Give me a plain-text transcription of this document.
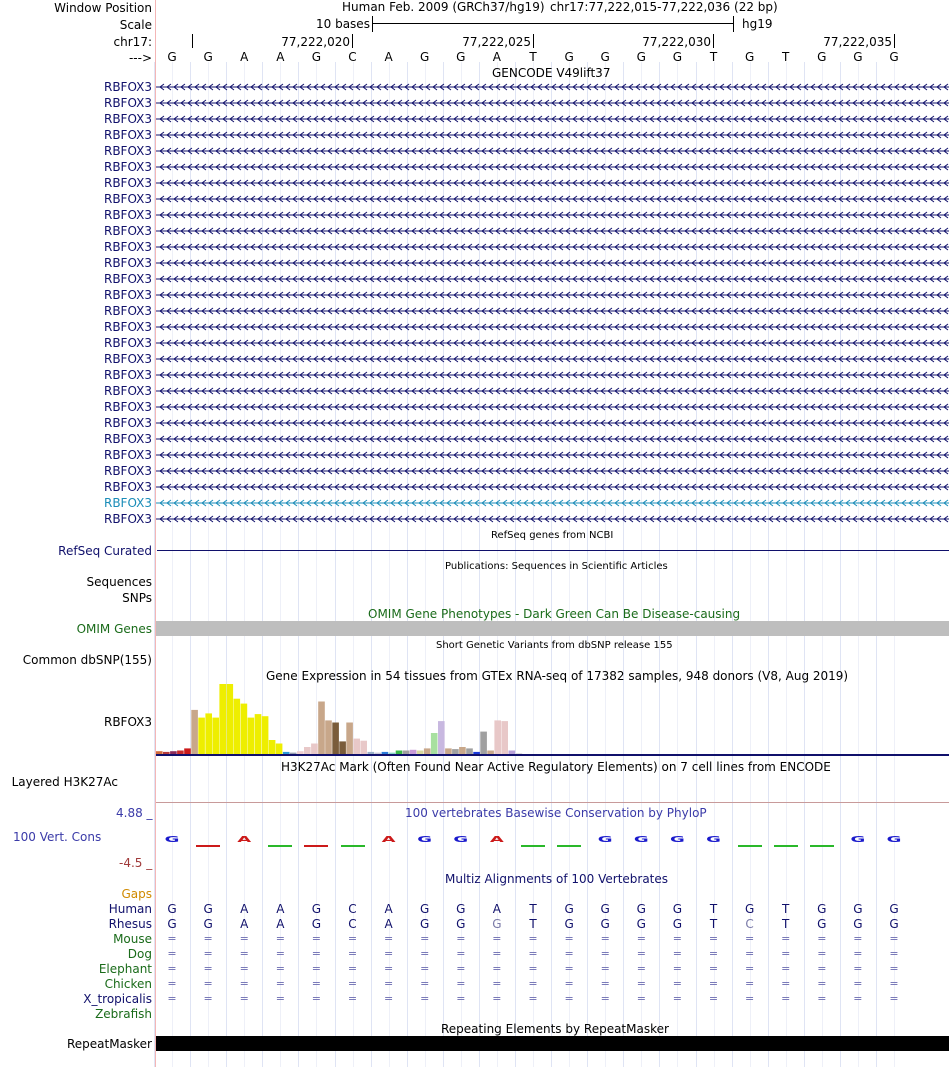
Window Position	Human Feb. 2009 (GRCh37/hg19) chr17:77,222,015-77,222,036 (22 bp)
Scale	10 bases	hg19
chr17:	77,222,020	77,222,025	77,222,030	77,222,035
--->	G	G	A	A	G	C	A	G	G	A	T	G	G	G	G	T	G	T	G	G	G
GENCODE V49lift37
RBFOX3
RBFOX3
RBFOX3
RBFOX3
RBFOX3
RBFOX3
RBFOX3
RBFOX3
RBFOX3
RBFOX3
RBFOX3
RBFOX3
RBFOX3
RBFOX3
RBFOX3
RBFOX3
RBFOX3
RBFOX3
RBFOX3
RBFOX3
RBFOX3
RBFOX3
RBFOX3
RBFOX3
RBFOX3
RBFOX3
RBFOX3
RBFOX3
RefSeq genes from NCBI
RefSeq Curated
Publications: Sequences in Scientific Articles
Sequences
SNPs
OMIM Gene Phenotypes - Dark Green Can Be Disease-causing
OMIM Genes
Short Genetic Variants from dbSNP release 155
Common dbSNP(155)
Gene Expression in 54 tissues from GTEx RNA-seq of 17382 samples, 948 donors (V8, Aug 2019)
RBFOX3
H3K27Ac Mark (Often Found Near Active Regulatory Elements) on 7 cell lines from ENCODE
Layered H3K27Ac
100 vertebrates Basewise Conservation by PhyloP
4.88 _
100 Vert. Cons
-4.5 _
G	A	A	G	G	A	G	G	G	G	G	G
Multiz Alignments of 100 Vertebrates
Gaps
Human	G	G	A	A	G	C	A	G	G	A	T	G	G	G	G	T	G	T	G	G	G
Rhesus	G	G	A	A	G	C	A	G	G	G	T	G	G	G	G	T	C	T	G	G	G
Mouse	=	=	=	=	=	=	=	=	=	=	=	=	=	=	=	=	=	=	=	=	=
Dog	=	=	=	=	=	=	=	=	=	=	=	=	=	=	=	=	=	=	=	=	=
Elephant	=	=	=	=	=	=	=	=	=	=	=	=	=	=	=	=	=	=	=	=	=
Chicken	=	=	=	=	=	=	=	=	=	=	=	=	=	=	=	=	=	=	=	=	=
X_tropicalis	=	=	=	=	=	=	=	=	=	=	=	=	=	=	=	=	=	=	=	=	=
Zebrafish
Repeating Elements by RepeatMasker
RepeatMasker
